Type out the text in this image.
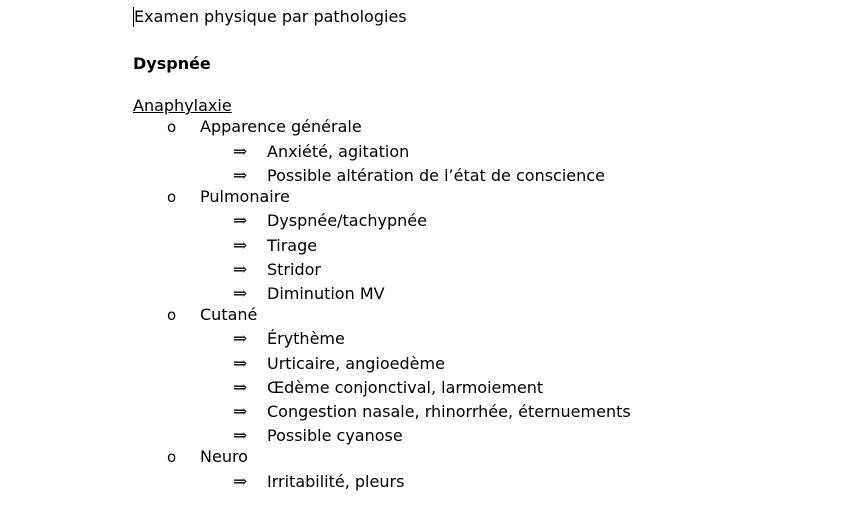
Examen physique par pathologies
Dyspnée
Anaphylaxie
o Apparence générale
⇒ Anxiété, agitation
⇒ Possible altération de l’état de conscience
o Pulmonaire
⇒ Dyspnée/tachypnée
⇒ Tirage
⇒ Stridor
⇒ Diminution MV
o Cutané
⇒ Érythème
⇒ Urticaire, angioedème
⇒ Œdème conjonctival, larmoiement
⇒ Congestion nasale, rhinorrhée, éternuements
⇒ Possible cyanose
o Neuro
⇒ Irritabilité, pleurs
